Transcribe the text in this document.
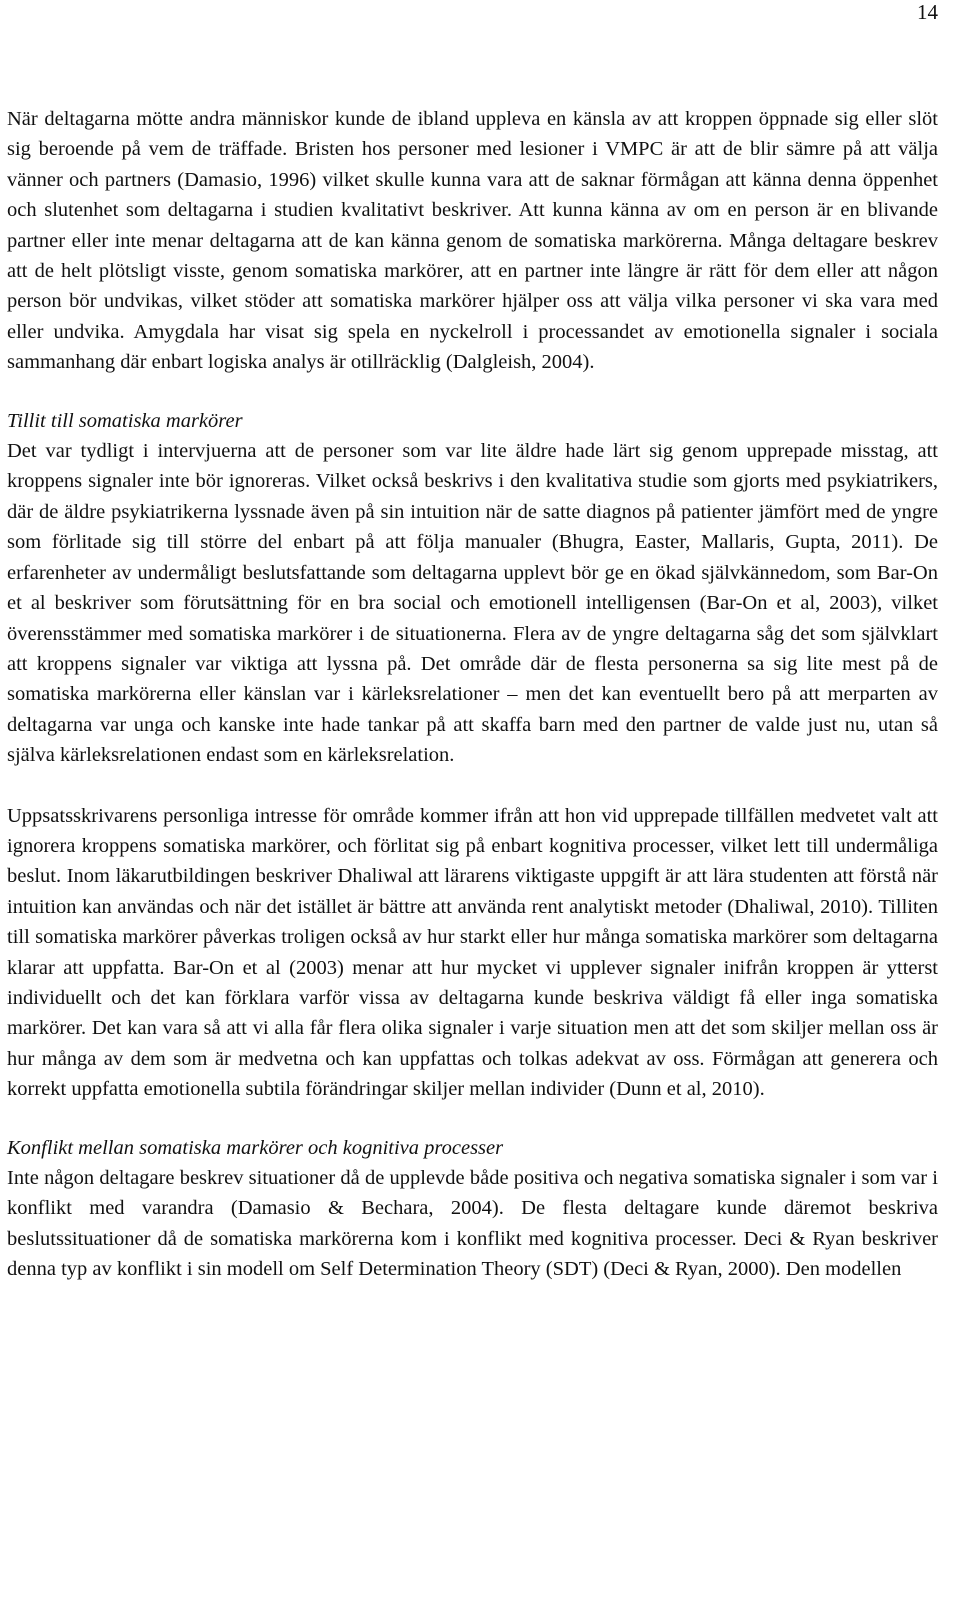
14

När deltagarna mötte andra människor kunde de ibland uppleva en känsla av att kroppen öppnade sig eller slöt sig beroende på vem de träffade. Bristen hos personer med lesioner i VMPC är att de blir sämre på att välja vänner och partners (Damasio, 1996) vilket skulle kunna vara att de saknar förmågan att känna denna öppenhet och slutenhet som deltagarna i studien kvalitativt beskriver. Att kunna känna av om en person är en blivande partner eller inte menar deltagarna att de kan känna genom de somatiska markörerna. Många deltagare beskrev att de helt plötsligt visste, genom somatiska markörer, att en partner inte längre är rätt för dem eller att någon person bör undvikas, vilket stöder att somatiska markörer hjälper oss att välja vilka personer vi ska vara med eller undvika. Amygdala har visat sig spela en nyckelroll i processandet av emotionella signaler i sociala sammanhang där enbart logiska analys är otillräcklig (Dalgleish, 2004).

Tillit till somatiska markörer

Det var tydligt i intervjuerna att de personer som var lite äldre hade lärt sig genom upprepade misstag, att kroppens signaler inte bör ignoreras. Vilket också beskrivs i den kvalitativa studie som gjorts med psykiatrikers, där de äldre psykiatrikerna lyssnade även på sin intuition när de satte diagnos på patienter jämfört med de yngre som förlitade sig till större del enbart på att följa manualer (Bhugra, Easter, Mallaris, Gupta, 2011). De erfarenheter av undermåligt beslutsfattande som deltagarna upplevt bör ge en ökad självkännedom, som Bar-On et al beskriver som förutsättning för en bra social och emotionell intelligensen (Bar-On et al, 2003), vilket överensstämmer med somatiska markörer i de situationerna. Flera av de yngre deltagarna såg det som självklart att kroppens signaler var viktiga att lyssna på. Det område där de flesta personerna sa sig lite mest på de somatiska markörerna eller känslan var i kärleksrelationer – men det kan eventuellt bero på att merparten av deltagarna var unga och kanske inte hade tankar på att skaffa barn med den partner de valde just nu, utan så själva kärleksrelationen endast som en kärleksrelation.

Uppsatsskrivarens personliga intresse för område kommer ifrån att hon vid upprepade tillfällen medvetet valt att ignorera kroppens somatiska markörer, och förlitat sig på enbart kognitiva processer, vilket lett till undermåliga beslut. Inom läkarutbildingen beskriver Dhaliwal att lärarens viktigaste uppgift är att lära studenten att förstå när intuition kan användas och när det istället är bättre att använda rent analytiskt metoder (Dhaliwal, 2010). Tilliten till somatiska markörer påverkas troligen också av hur starkt eller hur många somatiska markörer som deltagarna klarar att uppfatta. Bar-On et al (2003) menar att hur mycket vi upplever signaler inifrån kroppen är ytterst individuellt och det kan förklara varför vissa av deltagarna kunde beskriva väldigt få eller inga somatiska markörer. Det kan vara så att vi alla får flera olika signaler i varje situation men att det som skiljer mellan oss är hur många av dem som är medvetna och kan uppfattas och tolkas adekvat av oss. Förmågan att generera och korrekt uppfatta emotionella subtila förändringar skiljer mellan individer (Dunn et al, 2010).

Konflikt mellan somatiska markörer och kognitiva processer

Inte någon deltagare beskrev situationer då de upplevde både positiva och negativa somatiska signaler i som var i konflikt med varandra (Damasio & Bechara, 2004). De flesta deltagare kunde däremot beskriva beslutssituationer då de somatiska markörerna kom i konflikt med kognitiva processer. Deci & Ryan beskriver denna typ av konflikt i sin modell om Self Determination Theory (SDT) (Deci & Ryan, 2000). Den modellen
